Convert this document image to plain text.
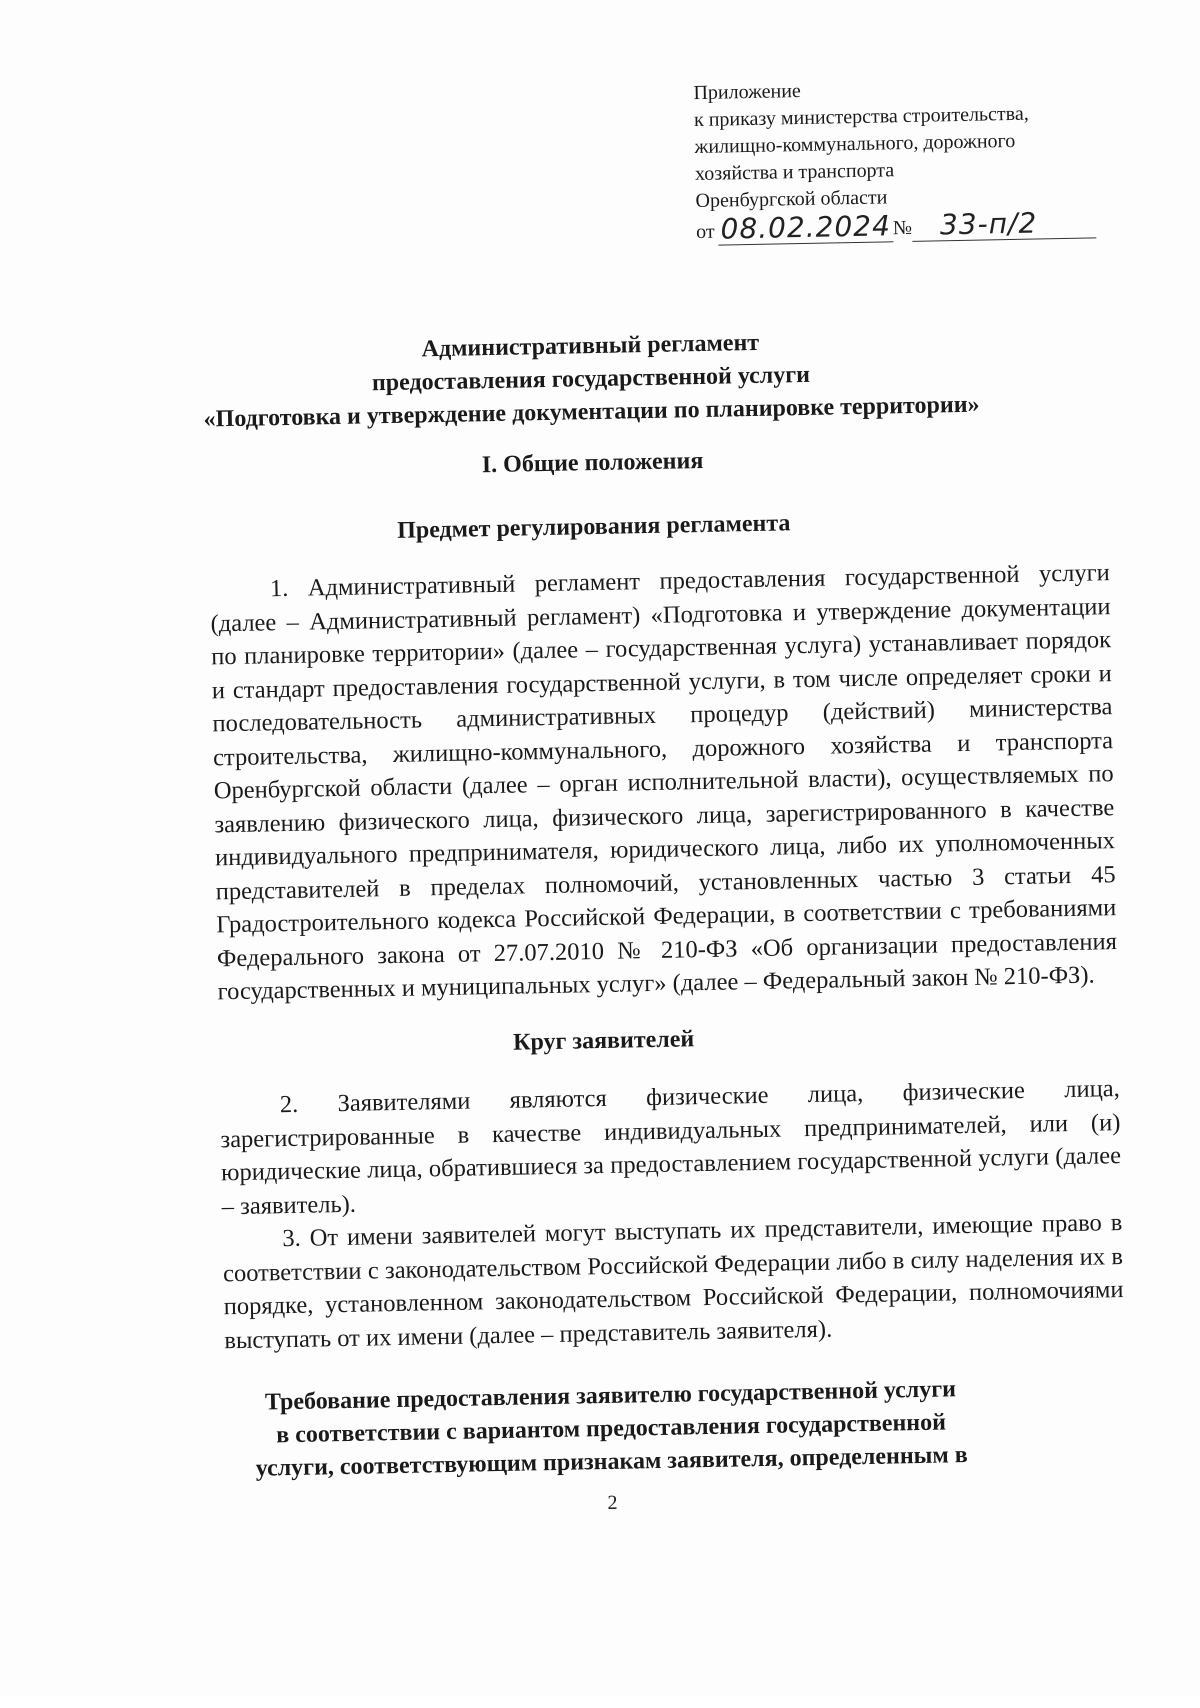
Приложение
к приказу министерства строительства,
жилищно-коммунального, дорожного
хозяйства и транспорта
Оренбургской области
от 08.02.2024 № 33-п/2
Административный регламент
предоставления государственной услуги
«Подготовка и утверждение документации по планировке территории»
I. Общие положения
Предмет регулирования регламента

1. Административный регламент предоставления государственной услуги (далее – Административный регламент) «Подготовка и утверждение документации по планировке территории» (далее – государственная услуга) устанавливает порядок и стандарт предоставления государственной услуги, в том числе определяет сроки и последовательность административных процедур (действий) министерства строительства, жилищно-коммунального, дорожного хозяйства и транспорта Оренбургской области (далее – орган исполнительной власти), осуществляемых по заявлению физического лица, физического лица, зарегистрированного в качестве индивидуального предпринимателя, юридического лица, либо их уполномоченных представителей в пределах полномочий, установленных частью 3 статьи 45 Градостроительного кодекса Российской Федерации, в соответствии с требованиями Федерального закона от 27.07.2010 № 210-ФЗ «Об организации предоставления государственных и муниципальных услуг» (далее – Федеральный закон № 210-ФЗ).

Круг заявителей

2. Заявителями являются физические лица, физические лица, зарегистрированные в качестве индивидуальных предпринимателей, или (и) юридические лица, обратившиеся за предоставлением государственной услуги (далее – заявитель).

3. От имени заявителей могут выступать их представители, имеющие право в соответствии с законодательством Российской Федерации либо в силу наделения их в порядке, установленном законодательством Российской Федерации, полномочиями выступать от их имени (далее – представитель заявителя).

Требование предоставления заявителю государственной услуги
в соответствии с вариантом предоставления государственной
услуги, соответствующим признакам заявителя, определенным в
2
